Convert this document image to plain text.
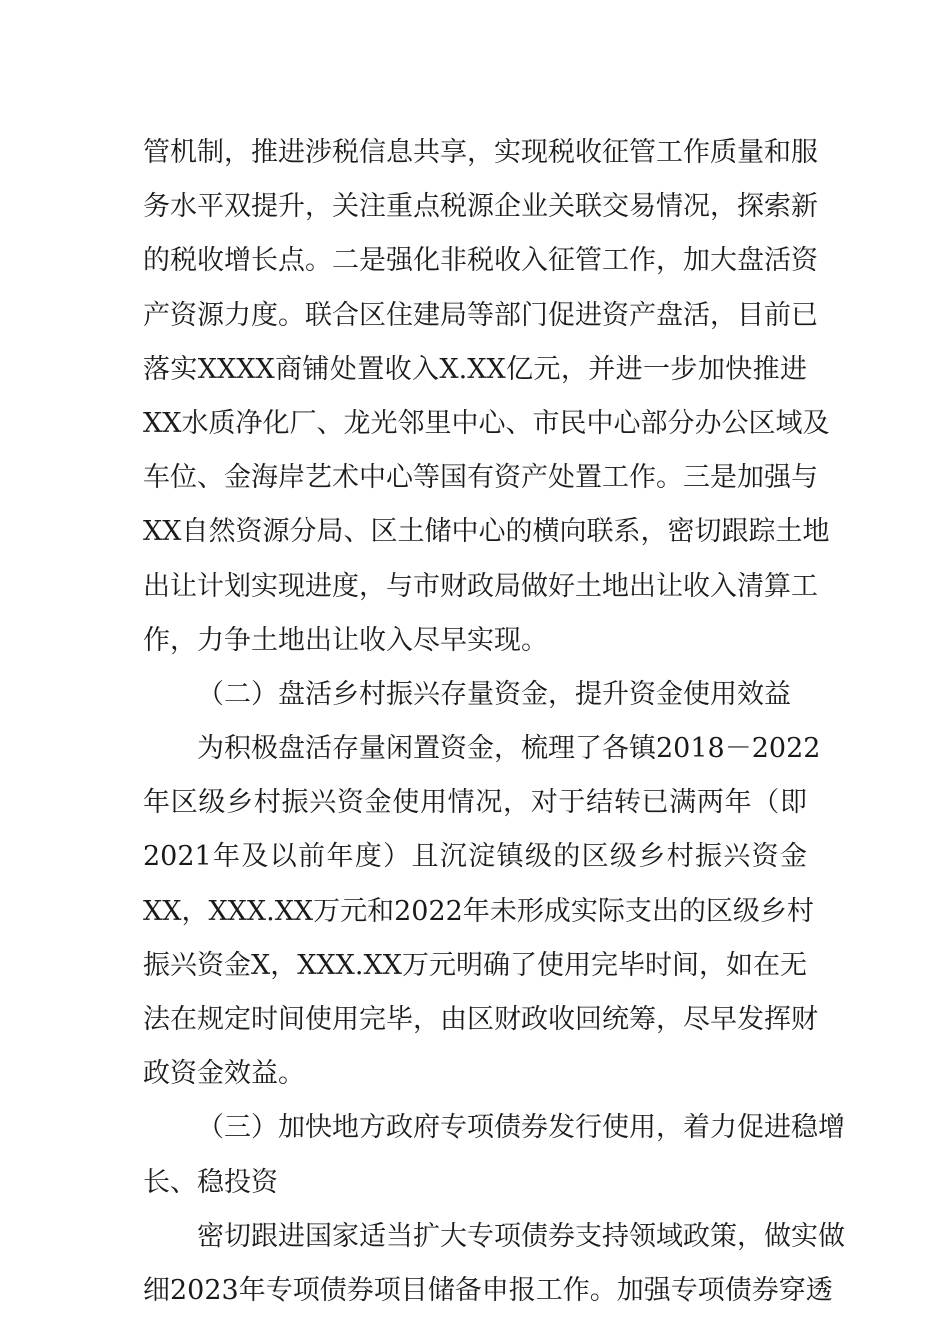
管机制，推进涉税信息共享，实现税收征管工作质量和服
务水平双提升，关注重点税源企业关联交易情况，探索新
的税收增长点。二是强化非税收入征管工作，加大盘活资
产资源力度。联合区住建局等部门促进资产盘活，目前已
落实XXXX商铺处置收入X.XX亿元，并进一步加快推进
XX水质净化厂、龙光邻里中心、市民中心部分办公区域及
车位、金海岸艺术中心等国有资产处置工作。三是加强与
XX自然资源分局、区土储中心的横向联系，密切跟踪土地
出让计划实现进度，与市财政局做好土地出让收入清算工
作，力争土地出让收入尽早实现。
（二）盘活乡村振兴存量资金，提升资金使用效益
为积极盘活存量闲置资金，梳理了各镇2018－2022
年区级乡村振兴资金使用情况，对于结转已满两年（即
2021年及以前年度）且沉淀镇级的区级乡村振兴资金
XX，XXX.XX万元和2022年未形成实际支出的区级乡村
振兴资金X，XXX.XX万元明确了使用完毕时间，如在无
法在规定时间使用完毕，由区财政收回统筹，尽早发挥财
政资金效益。
（三）加快地方政府专项债券发行使用，着力促进稳增
长、稳投资
密切跟进国家适当扩大专项债券支持领域政策，做实做
细2023年专项债券项目储备申报工作。加强专项债券穿透
